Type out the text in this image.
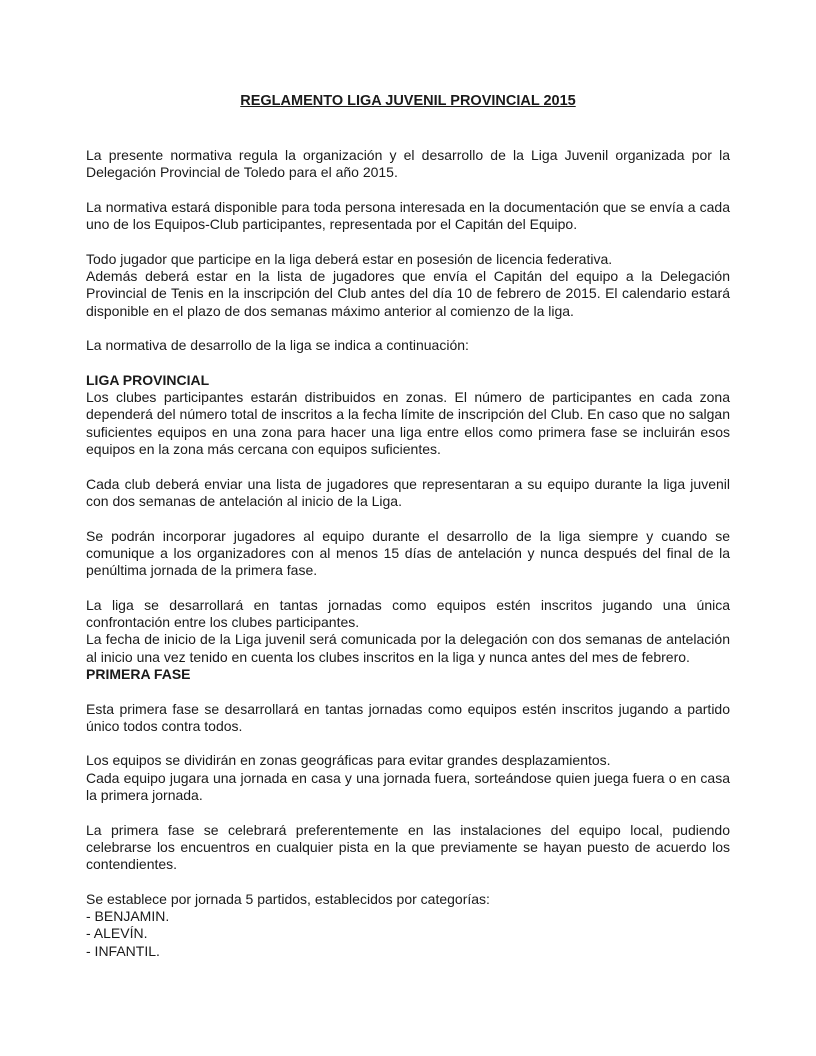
REGLAMENTO LIGA JUVENIL PROVINCIAL 2015

La presente normativa regula la organización y el desarrollo de la Liga Juvenil organizada por la Delegación Provincial de Toledo para el año 2015.

La normativa estará disponible para toda persona interesada en la documentación que se envía a cada uno de los Equipos-Club participantes, representada por el Capitán del Equipo.

Todo jugador que participe en la liga deberá estar en posesión de licencia federativa.

Además deberá estar en la lista de jugadores que envía el Capitán del equipo a la Delegación Provincial de Tenis en la inscripción del Club antes del día 10 de febrero de 2015. El calendario estará disponible en el plazo de dos semanas máximo anterior al comienzo de la liga.

La normativa de desarrollo de la liga se indica a continuación:

LIGA PROVINCIAL

Los clubes participantes estarán distribuidos en zonas. El número de participantes en cada zona dependerá del número total de inscritos a la fecha límite de inscripción del Club. En caso que no salgan suficientes equipos en una zona para hacer una liga entre ellos como primera fase se incluirán esos equipos en la zona más cercana con equipos suficientes.

Cada club deberá enviar una lista de jugadores que representaran a su equipo durante la liga juvenil con dos semanas de antelación al inicio de la Liga.

Se podrán incorporar jugadores al equipo durante el desarrollo de la liga siempre y cuando se comunique a los organizadores con al menos 15 días de antelación y nunca después del final de la penúltima jornada de la primera fase.

La liga se desarrollará en tantas jornadas como equipos estén inscritos jugando una única confrontación entre los clubes participantes.

La fecha de inicio de la Liga juvenil será comunicada por la delegación con dos semanas de antelación al inicio una vez tenido en cuenta los clubes inscritos en la liga y nunca antes del mes de febrero.

PRIMERA FASE

Esta primera fase se desarrollará en tantas jornadas como equipos estén inscritos jugando a partido único todos contra todos.

Los equipos se dividirán en zonas geográficas para evitar grandes desplazamientos.

Cada equipo jugara una jornada en casa y una jornada fuera, sorteándose quien juega fuera o en casa la primera jornada.

La primera fase se celebrará preferentemente en las instalaciones del equipo local, pudiendo celebrarse los encuentros en cualquier pista en la que previamente se hayan puesto de acuerdo los contendientes.

Se establece por jornada 5 partidos, establecidos por categorías:

- BENJAMIN.

- ALEVÍN.

- INFANTIL.
